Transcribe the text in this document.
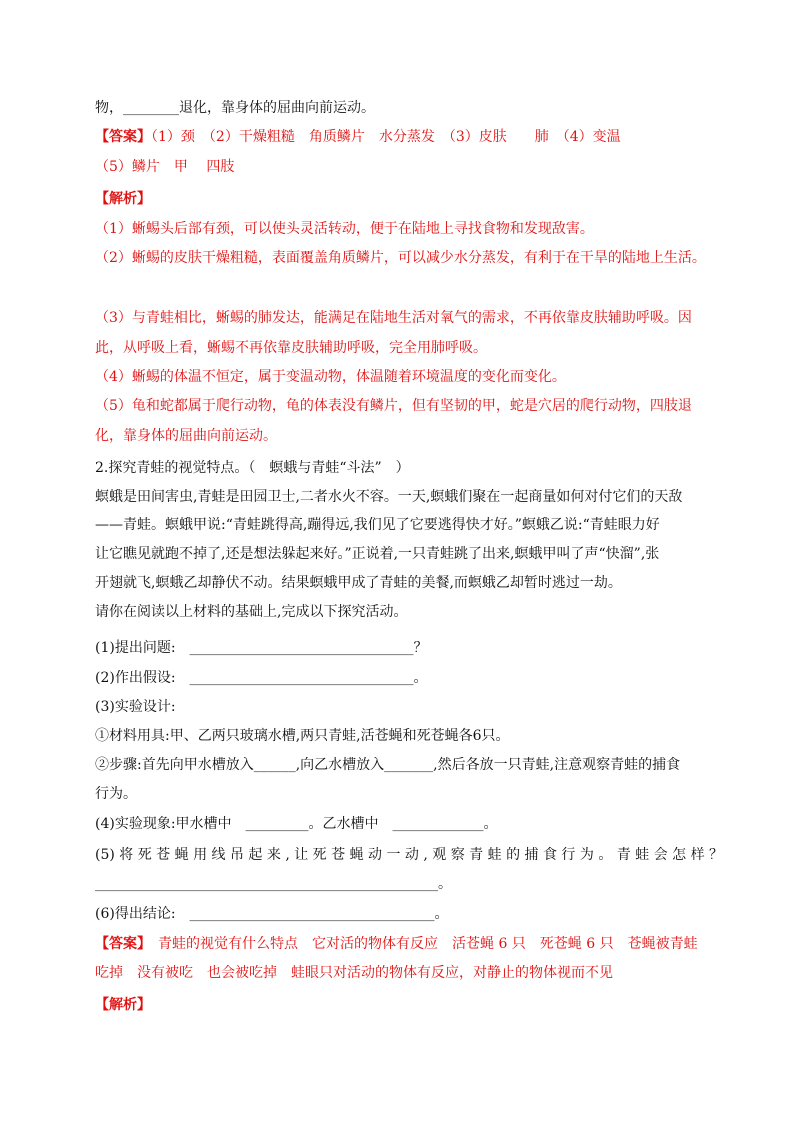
物，________退化，靠身体的屈曲向前运动。
【答案】（1）颈　（2）干燥粗糙　角质鳞片　水分蒸发　（3）皮肤　　肺　（4）变温
（5）鳞片　甲　 四肢
【解析】
（1）蜥蜴头后部有颈，可以使头灵活转动，便于在陆地上寻找食物和发现敌害。
（2）蜥蜴的皮肤干燥粗糙，表面覆盖角质鳞片，可以减少水分蒸发，有利于在干旱的陆地上生活。
（3）与青蛙相比，蜥蜴的肺发达，能满足在陆地生活对氧气的需求，不再依靠皮肤辅助呼吸。因
此，从呼吸上看，蜥蜴不再依靠皮肤辅助呼吸，完全用肺呼吸。
（4）蜥蜴的体温不恒定，属于变温动物，体温随着环境温度的变化而变化。
（5）龟和蛇都属于爬行动物，龟的体表没有鳞片，但有坚韧的甲，蛇是穴居的爬行动物，四肢退
化，靠身体的屈曲向前运动。
2.探究青蛙的视觉特点。（　螟蛾与青蛙“斗法”　）
螟蛾是田间害虫,青蛙是田园卫士,二者水火不容。一天,螟蛾们聚在一起商量如何对付它们的天敌
——青蛙。螟蛾甲说:“青蛙跳得高,蹦得远,我们见了它要逃得快才好。”螟蛾乙说:“青蛙眼力好
让它瞧见就跑不掉了,还是想法躲起来好。”正说着,一只青蛙跳了出来,螟蛾甲叫了声“快溜”,张
开翅就飞,螟蛾乙却静伏不动。结果螟蛾甲成了青蛙的美餐,而螟蛾乙却暂时逃过一劫。
请你在阅读以上材料的基础上,完成以下探究活动。
(1)提出问题:　________________________________？
(2)作出假设:　________________________________。
(3)实验设计:
①材料用具:甲、乙两只玻璃水槽,两只青蛙,活苍蝇和死苍蝇各6只。
②步骤:首先向甲水槽放入______,向乙水槽放入_______,然后各放一只青蛙,注意观察青蛙的捕食
行为。
(4)实验现象:甲水槽中　_________。乙水槽中　_____________。
(5) 将 死 苍 蝇 用 线 吊 起 来 , 让 死 苍 蝇 动 一 动 , 观 察 青 蛙 的 捕 食 行 为 。 青 蛙 会 怎 样 ？
_________________________________________________。
(6)得出结论:　___________________________________。
【答案】　青蛙的视觉有什么特点　它对活的物体有反应　活苍蝇 6 只　死苍蝇 6 只　苍蝇被青蛙
吃掉　没有被吃　也会被吃掉　蛙眼只对活动的物体有反应，对静止的物体视而不见
【解析】
